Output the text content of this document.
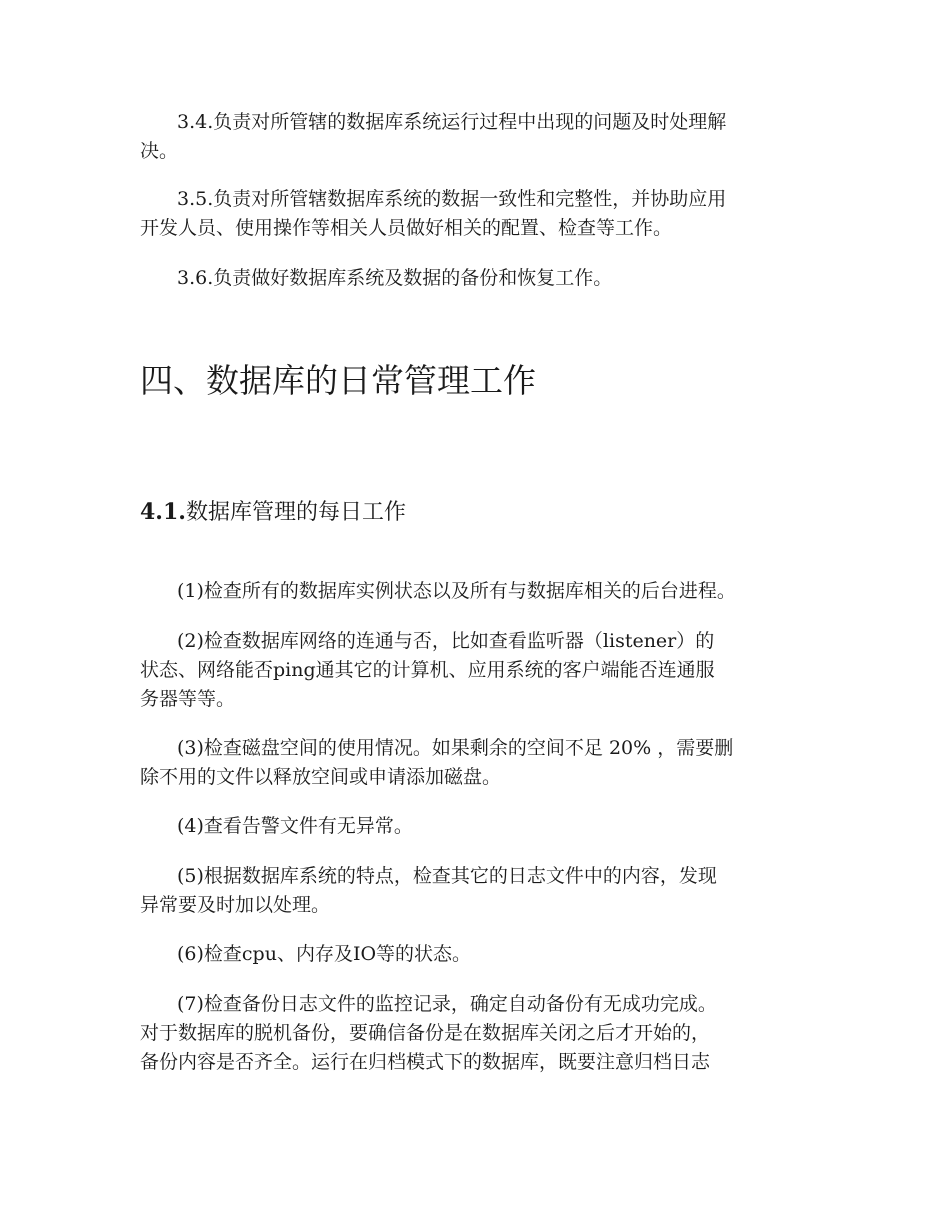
3.4.负责对所管辖的数据库系统运行过程中出现的问题及时处理解
决。

3.5.负责对所管辖数据库系统的数据一致性和完整性，并协助应用
开发人员、使用操作等相关人员做好相关的配置、检查等工作。

3.6.负责做好数据库系统及数据的备份和恢复工作。

四、数据库的日常管理工作
4.1.数据库管理的每日工作

(1)检查所有的数据库实例状态以及所有与数据库相关的后台进程。

(2)检查数据库网络的连通与否，比如查看监听器（listener）的
状态、网络能否ping通其它的计算机、应用系统的客户端能否连通服
务器等等。

(3)检查磁盘空间的使用情况。如果剩余的空间不足 20% ，需要删
除不用的文件以释放空间或申请添加磁盘。

(4)查看告警文件有无异常。

(5)根据数据库系统的特点，检查其它的日志文件中的内容，发现
异常要及时加以处理。

(6)检查cpu、内存及IO等的状态。

(7)检查备份日志文件的监控记录，确定自动备份有无成功完成。
对于数据库的脱机备份，要确信备份是在数据库关闭之后才开始的，
备份内容是否齐全。运行在归档模式下的数据库，既要注意归档日志
